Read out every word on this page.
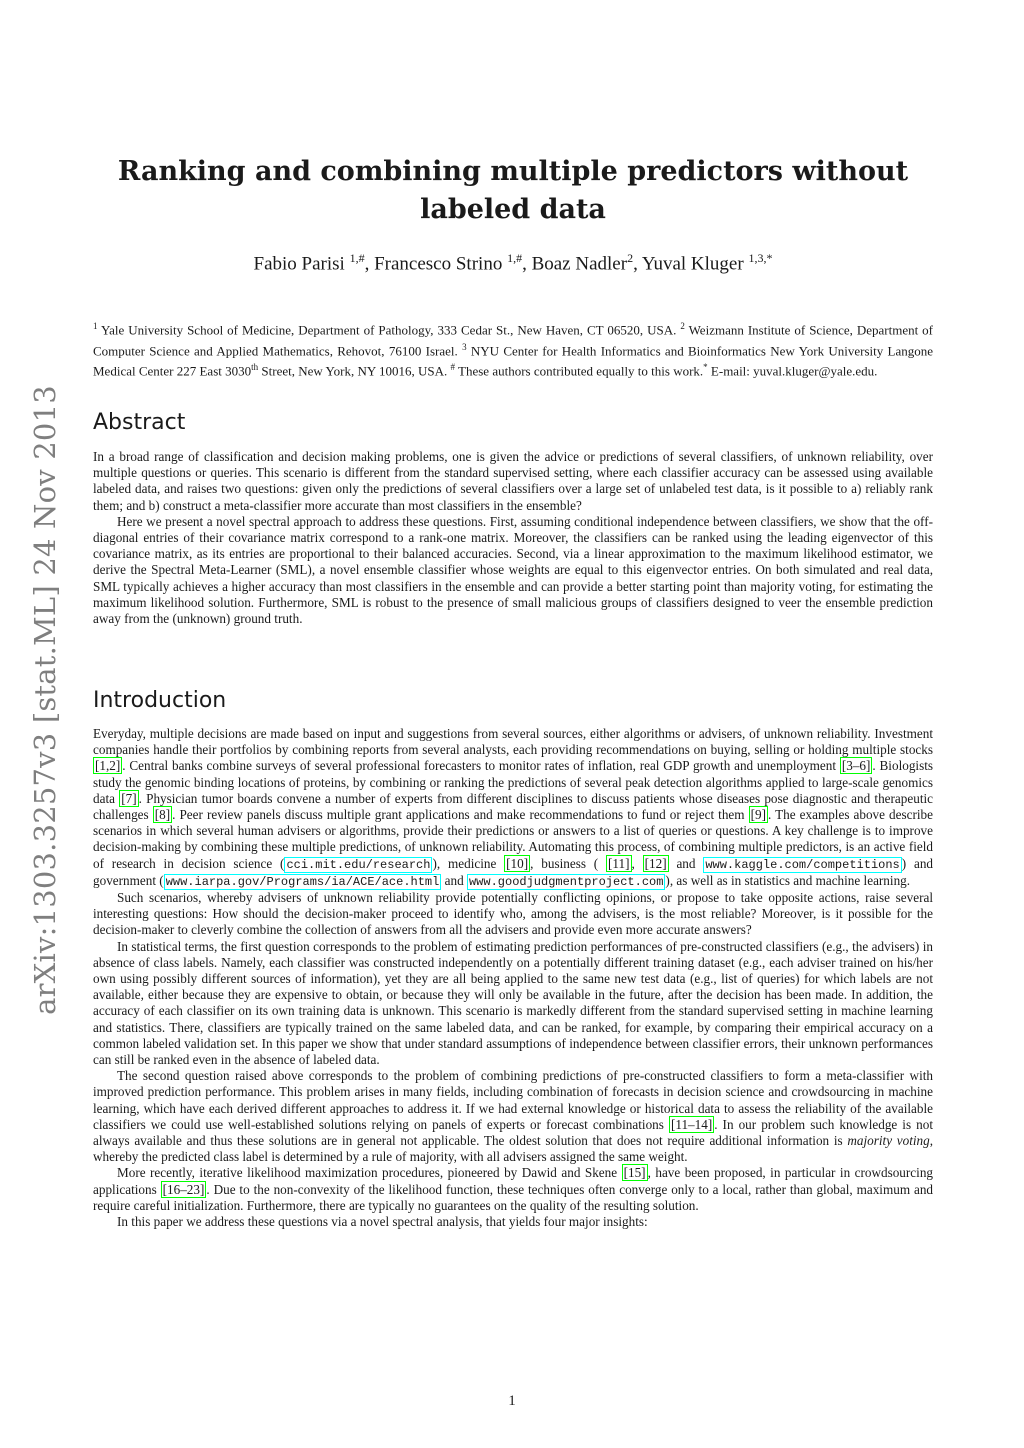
arXiv:1303.3257v3 [stat.ML] 24 Nov 2013
Ranking and combining multiple predictors without labeled data
Fabio Parisi $^{1,\#}$, Francesco Strino $^{1,\#}$, Boaz Nadler$^2$, Yuval Kluger $^{1,3,*}$
$^1$ Yale University School of Medicine, Department of Pathology, 333 Cedar St., New Haven, CT 06520, USA. $^2$ Weizmann Institute of Science, Department of Computer Science and Applied Mathematics, Rehovot, 76100 Israel. $^3$ NYU Center for Health Informatics and Bioinformatics New York University Langone Medical Center 227 East 3030th Street, New York, NY 10016, USA. # These authors contributed equally to this work.* E-mail: yuval.kluger@yale.edu.
Abstract

In a broad range of classification and decision making problems, one is given the advice or predictions of several classifiers, of unknown reliability, over multiple questions or queries. This scenario is different from the standard supervised setting, where each classifier accuracy can be assessed using available labeled data, and raises two questions: given only the predictions of several classifiers over a large set of unlabeled test data, is it possible to a) reliably rank them; and b) construct a meta-classifier more accurate than most classifiers in the ensemble?

Here we present a novel spectral approach to address these questions. First, assuming conditional independence between classifiers, we show that the off-diagonal entries of their covariance matrix correspond to a rank-one matrix. Moreover, the classifiers can be ranked using the leading eigenvector of this covariance matrix, as its entries are proportional to their balanced accuracies. Second, via a linear approximation to the maximum likelihood estimator, we derive the Spectral Meta-Learner (SML), a novel ensemble classifier whose weights are equal to this eigenvector entries. On both simulated and real data, SML typically achieves a higher accuracy than most classifiers in the ensemble and can provide a better starting point than majority voting, for estimating the maximum likelihood solution. Furthermore, SML is robust to the presence of small malicious groups of classifiers designed to veer the ensemble prediction away from the (unknown) ground truth.

Introduction

Everyday, multiple decisions are made based on input and suggestions from several sources, either algorithms or advisers, of unknown reliability. Investment companies handle their portfolios by combining reports from several analysts, each providing recommendations on buying, selling or holding multiple stocks [1,2] . Central banks combine surveys of several professional forecasters to monitor rates of inflation, real GDP growth and unemployment [3–6] . Biologists study the genomic binding locations of proteins, by combining or ranking the predictions of several peak detection algorithms applied to large-scale genomics data [7] . Physician tumor boards convene a number of experts from different disciplines to discuss patients whose diseases pose diagnostic and therapeutic challenges [8] . Peer review panels discuss multiple grant applications and make recommendations to fund or reject them [9] . The examples above describe scenarios in which several human advisers or algorithms, provide their predictions or answers to a list of queries or questions. A key challenge is to improve decision-making by combining these multiple predictions, of unknown reliability. Automating this process, of combining multiple predictors, is an active field of research in decision science ( cci.mit.edu/research ), medicine [10] , business ( [11] , [12] and www.kaggle.com/competitions ) and government ( www.iarpa.gov/Programs/ia/ACE/ace.html and www.goodjudgmentproject.com ), as well as in statistics and machine learning.

Such scenarios, whereby advisers of unknown reliability provide potentially conflicting opinions, or propose to take opposite actions, raise several interesting questions: How should the decision-maker proceed to identify who, among the advisers, is the most reliable? Moreover, is it possible for the decision-maker to cleverly combine the collection of answers from all the advisers and provide even more accurate answers?

In statistical terms, the first question corresponds to the problem of estimating prediction performances of pre-constructed classifiers (e.g., the advisers) in absence of class labels. Namely, each classifier was constructed independently on a potentially different training dataset (e.g., each adviser trained on his/her own using possibly different sources of information), yet they are all being applied to the same new test data (e.g., list of queries) for which labels are not available, either because they are expensive to obtain, or because they will only be available in the future, after the decision has been made. In addition, the accuracy of each classifier on its own training data is unknown. This scenario is markedly different from the standard supervised setting in machine learning and statistics. There, classifiers are typically trained on the same labeled data, and can be ranked, for example, by comparing their empirical accuracy on a common labeled validation set. In this paper we show that under standard assumptions of independence between classifier errors, their unknown performances can still be ranked even in the absence of labeled data.

The second question raised above corresponds to the problem of combining predictions of pre-constructed classifiers to form a meta-classifier with improved prediction performance. This problem arises in many fields, including combination of forecasts in decision science and crowdsourcing in machine learning, which have each derived different approaches to address it. If we had external knowledge or historical data to assess the reliability of the available classifiers we could use well-established solutions relying on panels of experts or forecast combinations [11–14] . In our problem such knowledge is not always available and thus these solutions are in general not applicable. The oldest solution that does not require additional information is majority voting, whereby the predicted class label is determined by a rule of majority, with all advisers assigned the same weight.

More recently, iterative likelihood maximization procedures, pioneered by Dawid and Skene [15] , have been proposed, in particular in crowdsourcing applications [16–23] . Due to the non-convexity of the likelihood function, these techniques often converge only to a local, rather than global, maximum and require careful initialization. Furthermore, there are typically no guarantees on the quality of the resulting solution.

In this paper we address these questions via a novel spectral analysis, that yields four major insights:

1
